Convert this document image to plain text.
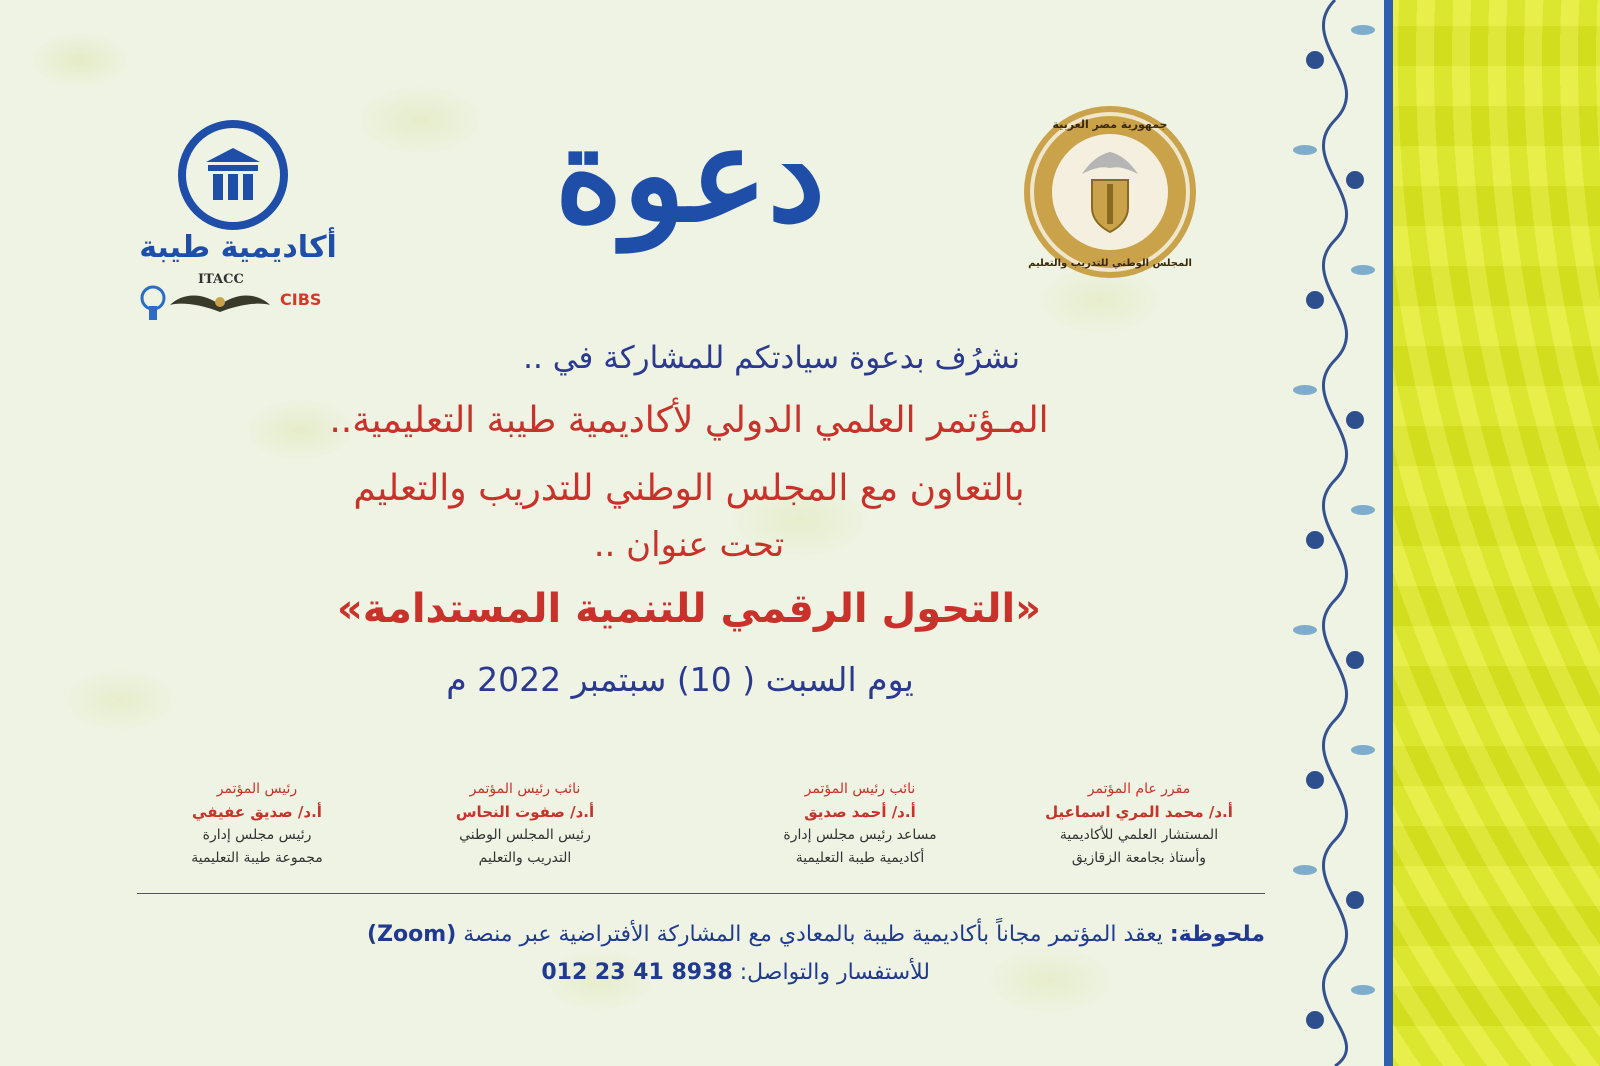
أكاديمية طيبة
ITACC
CIBS
دعوة	جمهورية مصر العربية
المجلس الوطني للتدريب والتعليم
نشرُف بدعوة سيادتكم للمشاركة في ..
المـؤتمر العلمي الدولي لأكاديمية طيبة التعليمية..
بالتعاون مع المجلس الوطني للتدريب والتعليم
تحت عنوان ..
«التحول الرقمي للتنمية المستدامة»
يوم السبت ( 10) سبتمبر 2022 م
مقرر عام المؤتمر
أ.د/ محمد المري اسماعيل
المستشار العلمي للأكاديمية
وأستاذ بجامعة الزقازيق
نائب رئيس المؤتمر
أ.د/ أحمد صديق
مساعد رئيس مجلس إدارة
أكاديمية طيبة التعليمية
نائب رئيس المؤتمر
أ.د/ صفوت النحاس
رئيس المجلس الوطني
التدريب والتعليم
رئيس المؤتمر
أ.د/ صديق عفيفي
رئيس مجلس إدارة
مجموعة طيبة التعليمية
ملحوظة: يعقد المؤتمر مجاناً بأكاديمية طيبة بالمعادي مع المشاركة الأفتراضية عبر منصة (Zoom)
للأستفسار والتواصل: 012 23 41 8938
